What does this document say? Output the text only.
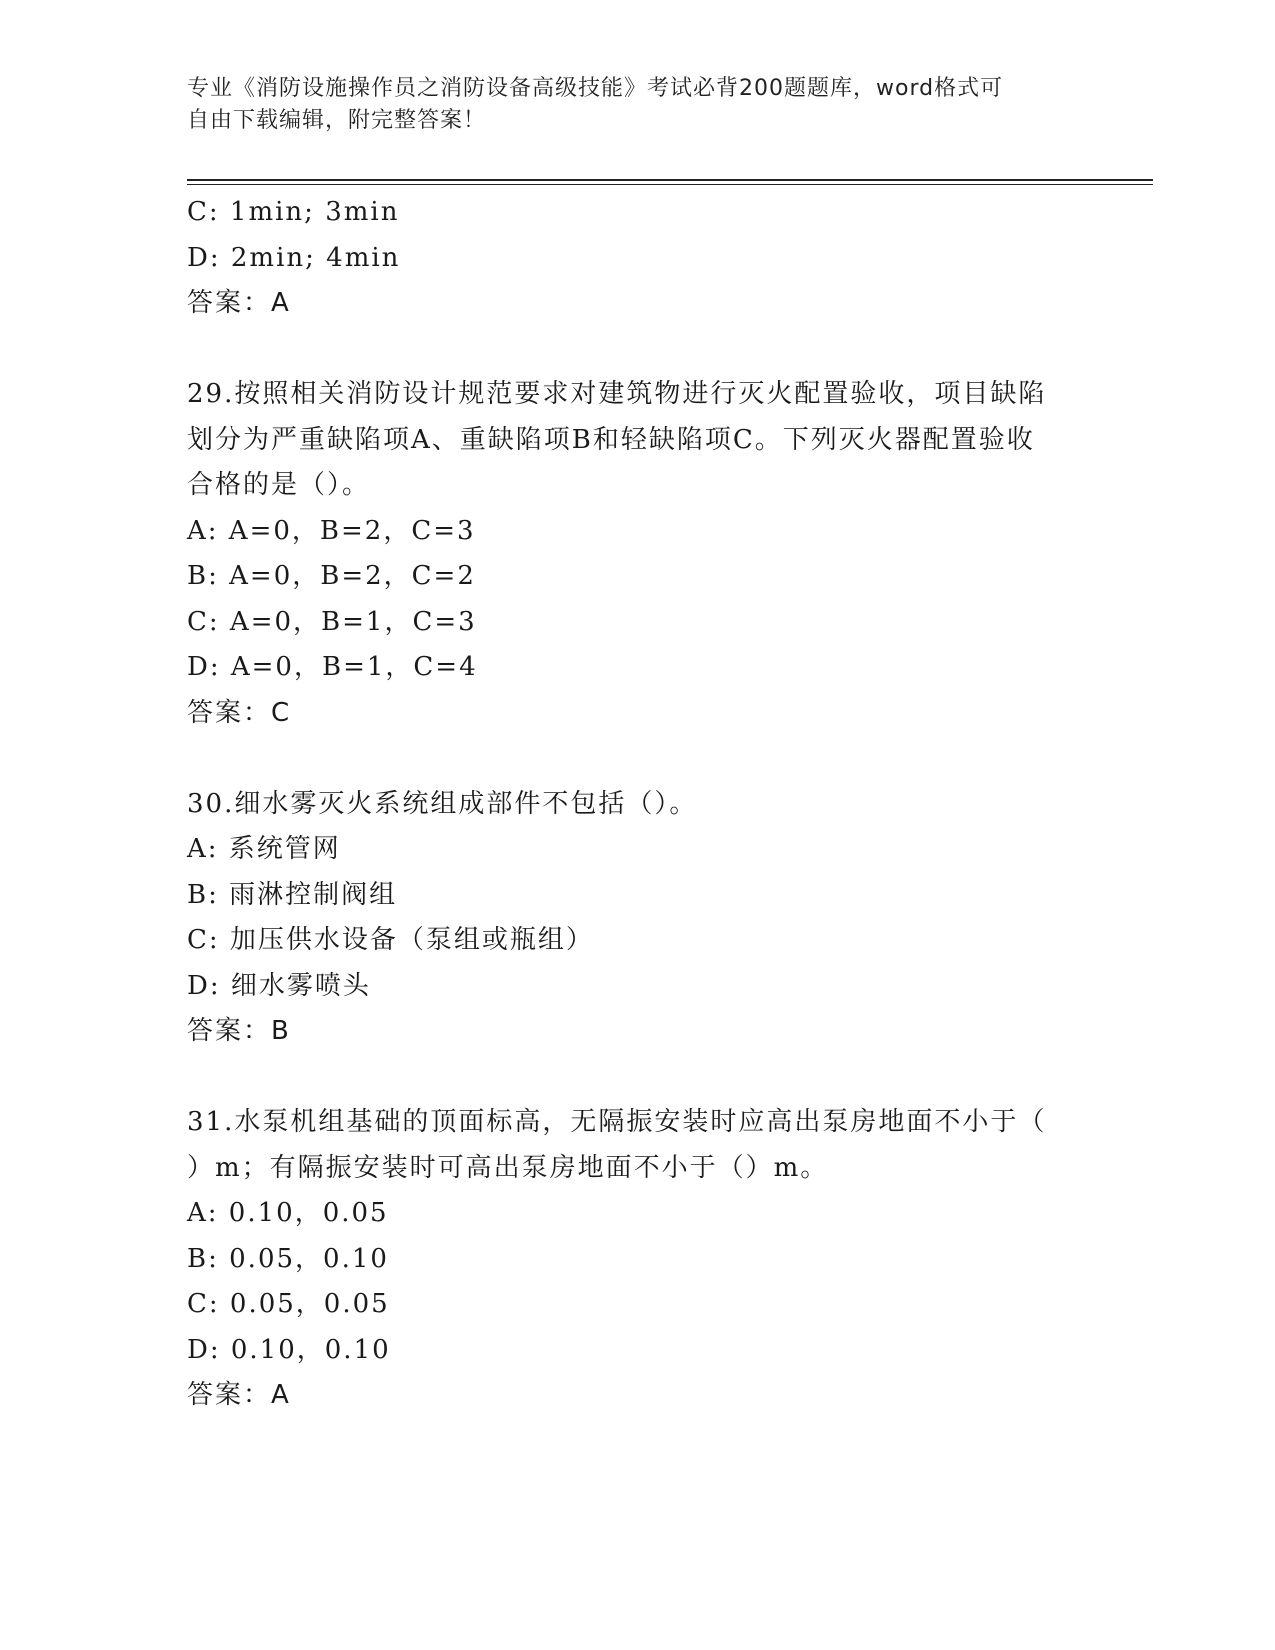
专业《消防设施操作员之消防设备高级技能》考试必背200题题库，word格式可
自由下载编辑，附完整答案！
C: 1min; 3min
D: 2min; 4min
答案：A
29.按照相关消防设计规范要求对建筑物进行灭火配置验收，项目缺陷
划分为严重缺陷项A、重缺陷项B和轻缺陷项C。下列灭火器配置验收
合格的是（）。
A: A=0，B=2，C=3
B: A=0，B=2，C=2
C: A=0，B=1，C=3
D: A=0，B=1，C=4
答案：C
30.细水雾灭火系统组成部件不包括（）。
A: 系统管网
B: 雨淋控制阀组
C: 加压供水设备（泵组或瓶组）
D: 细水雾喷头
答案：B
31.水泵机组基础的顶面标高，无隔振安装时应高出泵房地面不小于（
）m；有隔振安装时可高出泵房地面不小于（）m。
A: 0.10，0.05
B: 0.05，0.10
C: 0.05，0.05
D: 0.10，0.10
答案：A
